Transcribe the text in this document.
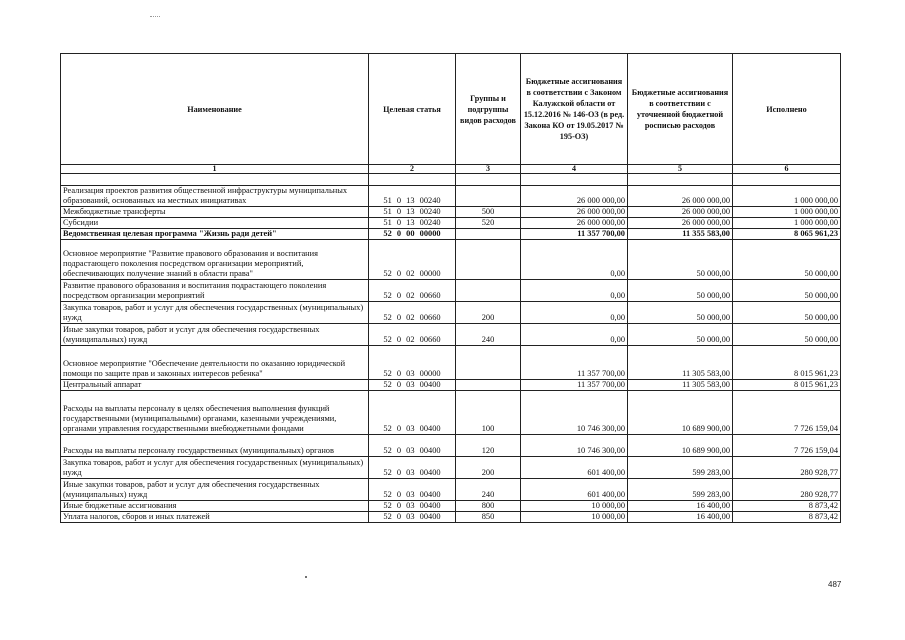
Наименование	Целевая статья	Группы и подгруппы видов расходов	Бюджетные ассигнования в соответствии с Законом Калужской области от 15.12.2016 № 146-ОЗ (в ред. Закона КО от 19.05.2017 № 195-ОЗ)	Бюджетные ассигнования в соответствии с уточненной бюджетной росписью расходов	Исполнено
1	2	3	4	5	6

Реализация проектов развития общественной инфраструктуры муниципальных образований, основанных на местных инициативах	51 0 13 00240		26 000 000,00	26 000 000,00	1 000 000,00
Межбюджетные трансферты	51 0 13 00240	500	26 000 000,00	26 000 000,00	1 000 000,00
Субсидии	51 0 13 00240	520	26 000 000,00	26 000 000,00	1 000 000,00
Ведомственная целевая программа "Жизнь ради детей"	52 0 00 00000		11 357 700,00	11 355 583,00	8 065 961,23
Основное мероприятие "Развитие правового образования и воспитания подрастающего поколения посредством организации мероприятий, обеспечивающих получение знаний в области права"	52 0 02 00000		0,00	50 000,00	50 000,00
Развитие правового образования и воспитания подрастающего поколения посредством организации мероприятий	52 0 02 00660		0,00	50 000,00	50 000,00
Закупка товаров, работ и услуг для обеспечения государственных (муниципальных) нужд	52 0 02 00660	200	0,00	50 000,00	50 000,00
Иные закупки товаров, работ и услуг для обеспечения государственных (муниципальных) нужд	52 0 02 00660	240	0,00	50 000,00	50 000,00
Основное мероприятие "Обеспечение деятельности по оказанию юридической помощи по защите прав и законных интересов ребенка"	52 0 03 00000		11 357 700,00	11 305 583,00	8 015 961,23
Центральный аппарат	52 0 03 00400		11 357 700,00	11 305 583,00	8 015 961,23
Расходы на выплаты персоналу в целях обеспечения выполнения функций государственными (муниципальными) органами, казенными учреждениями, органами управления государственными внебюджетными фондами	52 0 03 00400	100	10 746 300,00	10 689 900,00	7 726 159,04
Расходы на выплаты персоналу государственных (муниципальных) органов	52 0 03 00400	120	10 746 300,00	10 689 900,00	7 726 159,04
Закупка товаров, работ и услуг для обеспечения государственных (муниципальных) нужд	52 0 03 00400	200	601 400,00	599 283,00	280 928,77
Иные закупки товаров, работ и услуг для обеспечения государственных (муниципальных) нужд	52 0 03 00400	240	601 400,00	599 283,00	280 928,77
Иные бюджетные ассигнования	52 0 03 00400	800	10 000,00	16 400,00	8 873,42
Уплата налогов, сборов и иных платежей	52 0 03 00400	850	10 000,00	16 400,00	8 873,42
487
